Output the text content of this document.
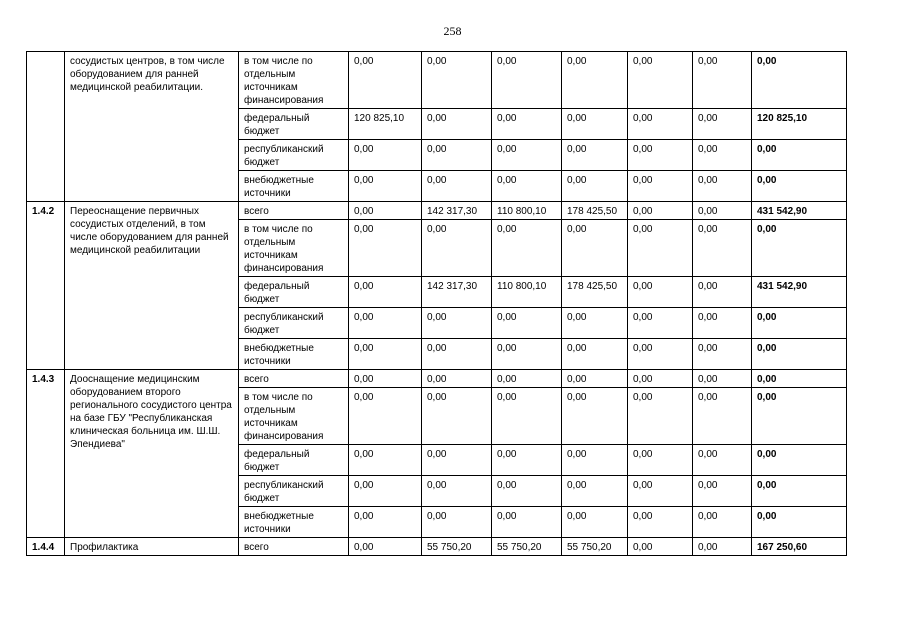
258
	сосудистых центров, в том числе оборудованием для ранней медицинской реабилитации.	в том числе по отдельным источникам финансирования	0,00	0,00	0,00	0,00	0,00	0,00	0,00
		федеральный бюджет	120 825,10	0,00	0,00	0,00	0,00	0,00	120 825,10
		республиканский бюджет	0,00	0,00	0,00	0,00	0,00	0,00	0,00
		внебюджетные источники	0,00	0,00	0,00	0,00	0,00	0,00	0,00
1.4.2	Переоснащение первичных сосудистых отделений, в том числе оборудованием для ранней медицинской реабилитации	всего	0,00	142 317,30	110 800,10	178 425,50	0,00	0,00	431 542,90
		в том числе по отдельным источникам финансирования	0,00	0,00	0,00	0,00	0,00	0,00	0,00
		федеральный бюджет	0,00	142 317,30	110 800,10	178 425,50	0,00	0,00	431 542,90
		республиканский бюджет	0,00	0,00	0,00	0,00	0,00	0,00	0,00
		внебюджетные источники	0,00	0,00	0,00	0,00	0,00	0,00	0,00
1.4.3	Дооснащение медицинским оборудованием второго регионального сосудистого центра на базе ГБУ "Республиканская клиническая больница им. Ш.Ш. Эпендиева"	всего	0,00	0,00	0,00	0,00	0,00	0,00	0,00
		в том числе по отдельным источникам финансирования	0,00	0,00	0,00	0,00	0,00	0,00	0,00
		федеральный бюджет	0,00	0,00	0,00	0,00	0,00	0,00	0,00
		республиканский бюджет	0,00	0,00	0,00	0,00	0,00	0,00	0,00
		внебюджетные источники	0,00	0,00	0,00	0,00	0,00	0,00	0,00
1.4.4	Профилактика	всего	0,00	55 750,20	55 750,20	55 750,20	0,00	0,00	167 250,60
